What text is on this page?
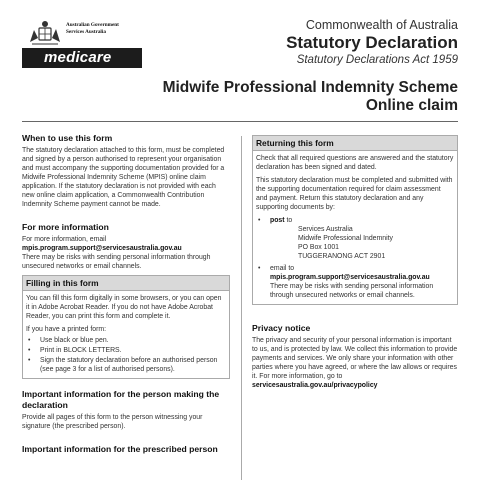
Australian Government
Services Australia
medicare
Commonwealth of Australia
Statutory Declaration
Statutory Declarations Act 1959
Midwife Professional Indemnity Scheme
Online claim
When to use this form

The statutory declaration attached to this form, must be completed and signed by a person authorised to represent your organisation and must accompany the supporting documentation provided for a Midwife Professional Indemnity Scheme (MPIS) online claim application. If the statutory declaration is not provided with each new online claim application, a Commonwealth Contribution Indemnity Scheme payment cannot be made.

For more information
For more information, email
mpis.program.support@servicesaustralia.gov.au

There may be risks with sending personal information through unsecured networks or email channels.

Filling in this form

You can fill this form digitally in some browsers, or you can open it in Adobe Acrobat Reader. If you do not have Adobe Acrobat Reader, you can print this form and complete it.

If you have a printed form:

• Use black or blue pen.
• Print in BLOCK LETTERS.
• Sign the statutory declaration before an authorised person (see page 3 for a list of authorised persons).
Important information for the person making the declaration

Provide all pages of this form to the person witnessing your signature (the prescribed person).

Important information for the prescribed person
Returning this form

Check that all required questions are answered and the statutory declaration has been signed and dated.

This statutory declaration must be completed and submitted with the supporting documentation required for claim assessment and payment. Return this statutory declaration and any supporting documents by:

• post to
Services Australia
Midwife Professional Indemnity
PO Box 1001
TUGGERANONG ACT 2901
• email to mpis.program.support@servicesaustralia.gov.au
There may be risks with sending personal information through unsecured networks or email channels.
Privacy notice
The privacy and security of your personal information is important to us, and is protected by law. We collect this information to provide payments and services. We only share your information with other parties where you have agreed, or where the law allows or requires it. For more information, go to
servicesaustralia.gov.au/privacypolicy
